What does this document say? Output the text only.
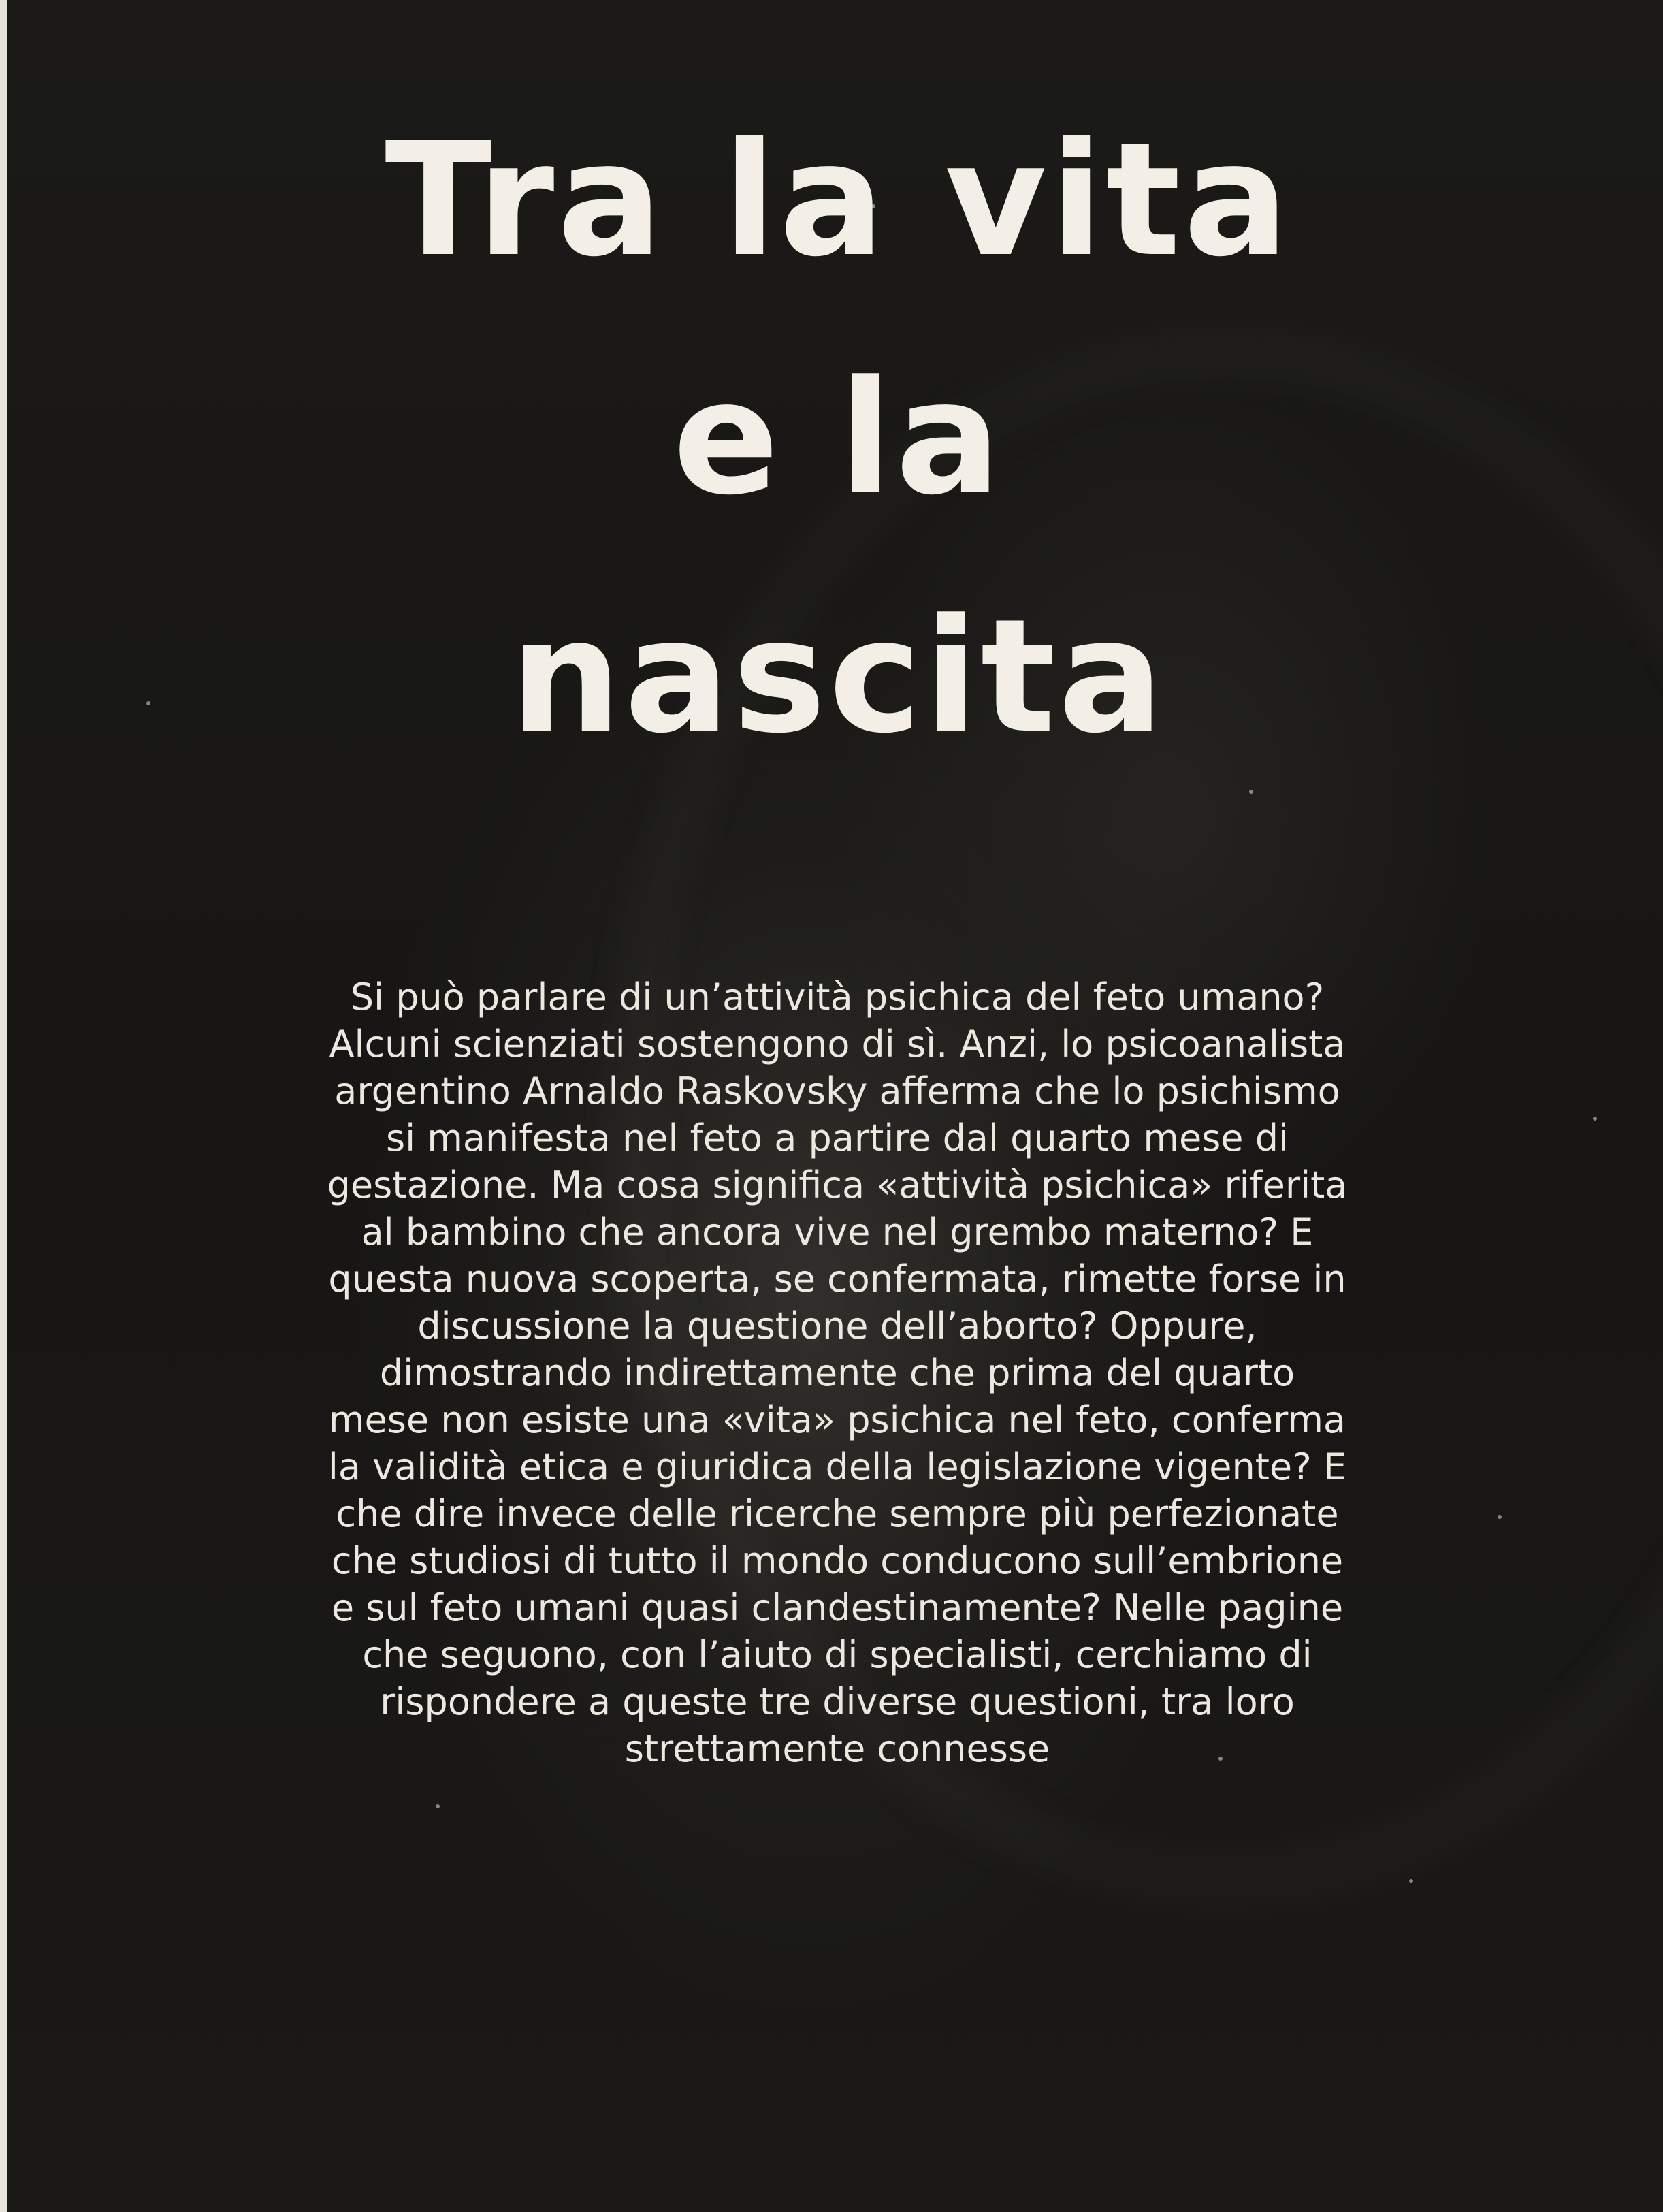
Tra la vita
e la
nascita

Si può parlare di un’attività psichica del feto umano? Alcuni scienziati sostengono di sì. Anzi, lo psicoanalista argentino Arnaldo Raskovsky afferma che lo psichismo si manifesta nel feto a partire dal quarto mese di gestazione. Ma cosa significa «attività psichica» riferita al bambino che ancora vive nel grembo materno? E questa nuova scoperta, se confermata, rimette forse in discussione la questione dell’aborto? Oppure, dimostrando indirettamente che prima del quarto mese non esiste una «vita» psichica nel feto, conferma la validità etica e giuridica della legislazione vigente? E che dire invece delle ricerche sempre più perfezionate che studiosi di tutto il mondo conducono sull’embrione e sul feto umani quasi clandestinamente? Nelle pagine che seguono, con l’aiuto di specialisti, cerchiamo di rispondere a queste tre diverse questioni, tra loro strettamente connesse
